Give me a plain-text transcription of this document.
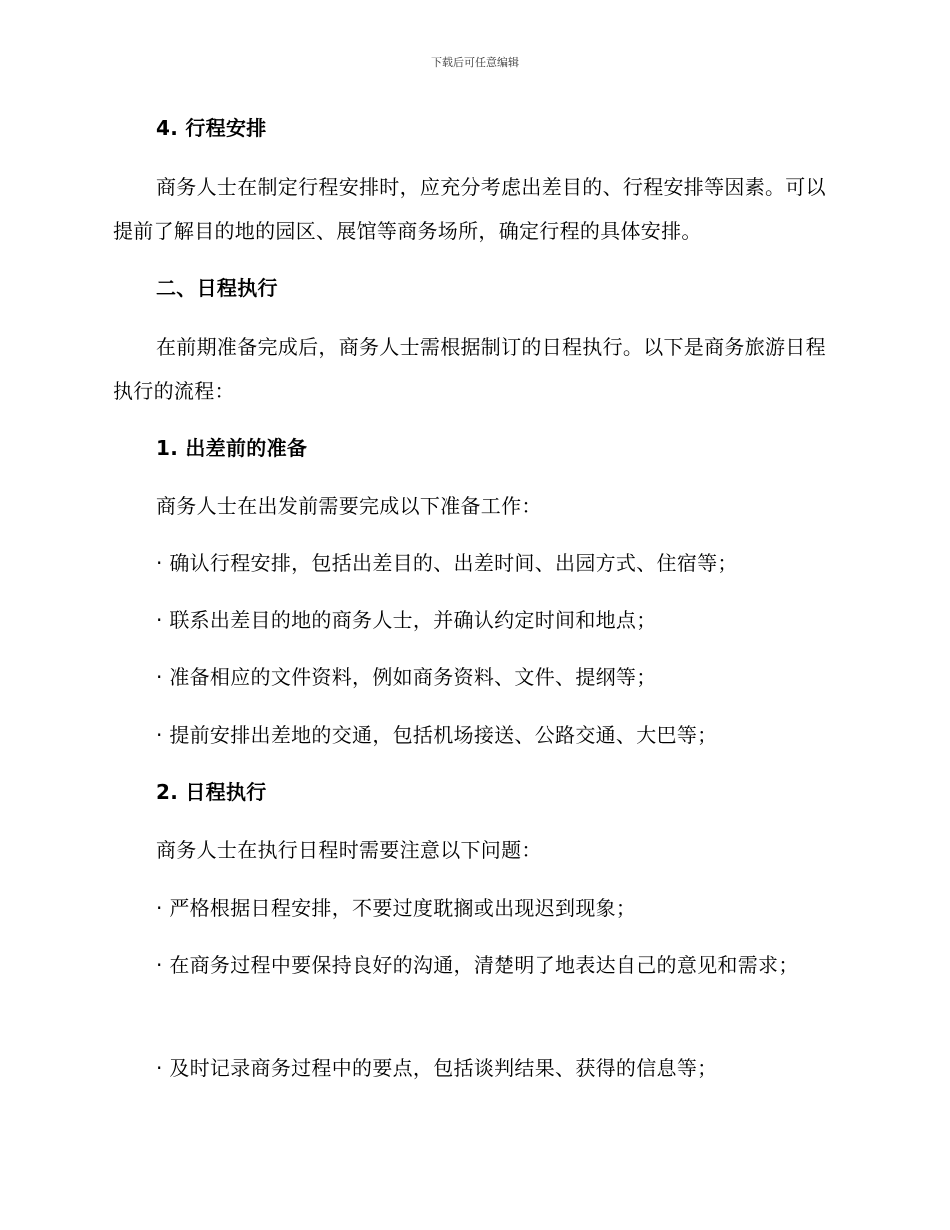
下载后可任意编辑
4. 行程安排
商务人士在制定行程安排时，应充分考虑出差目的、行程安排等因素。可以提前了解目的地的园区、展馆等商务场所，确定行程的具体安排。
二、日程执行
在前期准备完成后，商务人士需根据制订的日程执行。以下是商务旅游日程执行的流程：
1. 出差前的准备
商务人士在出发前需要完成以下准备工作：
· 确认行程安排，包括出差目的、出差时间、出园方式、住宿等；
· 联系出差目的地的商务人士，并确认约定时间和地点；
· 准备相应的文件资料，例如商务资料、文件、提纲等；
· 提前安排出差地的交通，包括机场接送、公路交通、大巴等；
2. 日程执行
商务人士在执行日程时需要注意以下问题：
· 严格根据日程安排，不要过度耽搁或出现迟到现象；
· 在商务过程中要保持良好的沟通，清楚明了地表达自己的意见和需求；
· 及时记录商务过程中的要点，包括谈判结果、获得的信息等；
